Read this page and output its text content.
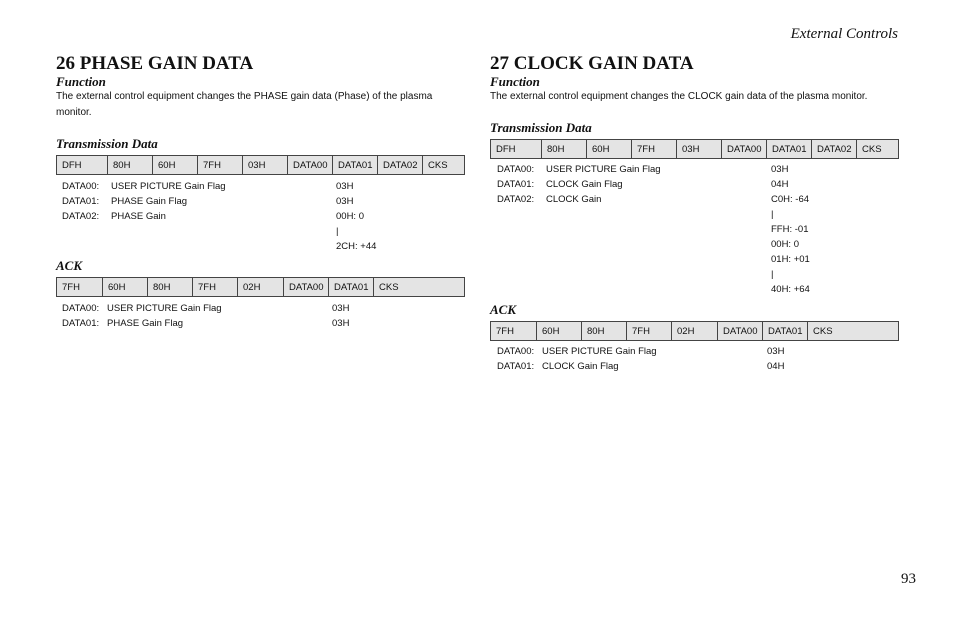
External Controls
26 PHASE GAIN DATA
Function
The external control equipment changes the PHASE gain data (Phase) of the plasma monitor.
Transmission Data
DFH	80H	60H	7FH	03H	DATA00	DATA01	DATA02	CKS
DATA00: USER PICTURE Gain Flag	03H
DATA01: PHASE Gain Flag	03H
DATA02: PHASE Gain	00H: 0
|
2CH: +44
ACK
7FH	60H	80H	7FH	02H	DATA00	DATA01	CKS
DATA00: USER PICTURE Gain Flag	03H
DATA01: PHASE Gain Flag	03H
27 CLOCK GAIN DATA
Function
The external control equipment changes the CLOCK gain data of the plasma monitor.
Transmission Data
DFH	80H	60H	7FH	03H	DATA00	DATA01	DATA02	CKS
DATA00: USER PICTURE Gain Flag	03H
DATA01: CLOCK Gain Flag	04H
DATA02: CLOCK Gain	C0H: -64
|
FFH: -01
00H: 0
01H: +01
|
40H: +64
ACK
7FH	60H	80H	7FH	02H	DATA00	DATA01	CKS
DATA00: USER PICTURE Gain Flag	03H
DATA01: CLOCK Gain Flag	04H
93
